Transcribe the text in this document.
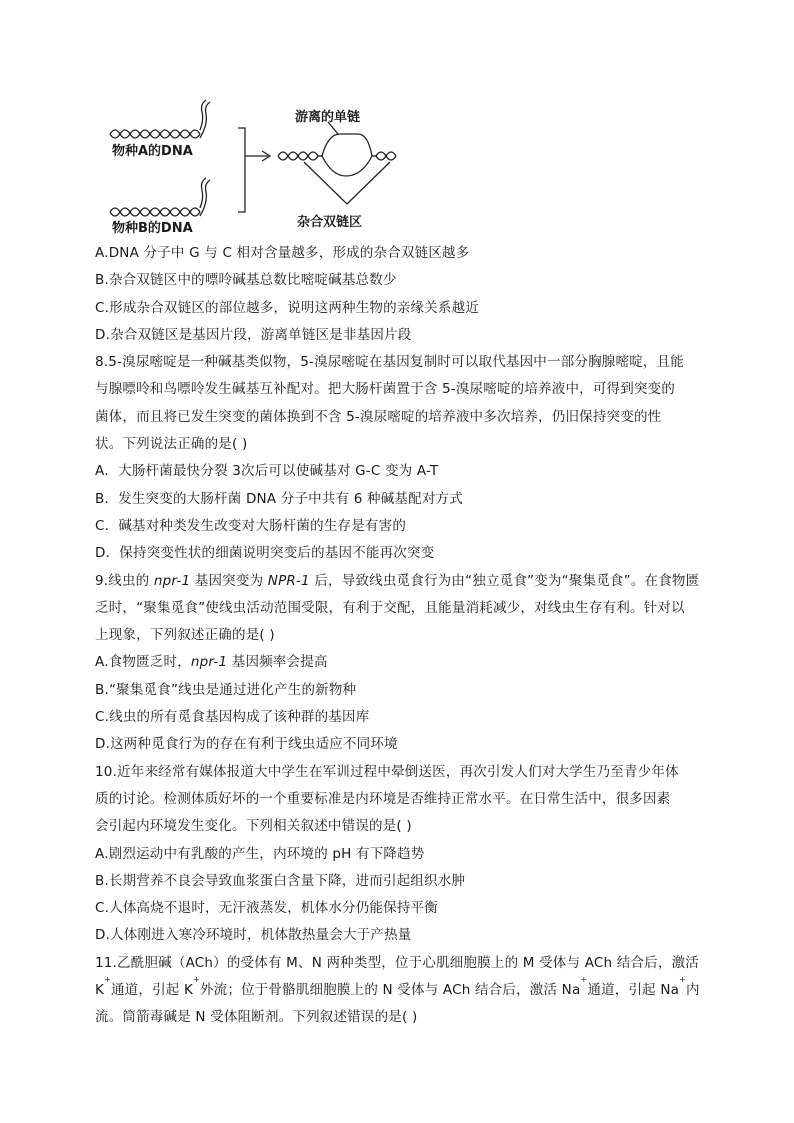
物种A的DNA
物种B的DNA
游离的单链
杂合双链区
A.DNA 分子中 G 与 C 相对含量越多，形成的杂合双链区越多
B.杂合双链区中的嘌呤碱基总数比嘧啶碱基总数少
C.形成杂合双链区的部位越多，说明这两种生物的亲缘关系越近
D.杂合双链区是基因片段，游离单链区是非基因片段
8.5-溴尿嘧啶是一种碱基类似物，5-溴尿嘧啶在基因复制时可以取代基因中一部分胸腺嘧啶，且能
与腺嘌呤和鸟嘌呤发生碱基互补配对。把大肠杆菌置于含 5-溴尿嘧啶的培养液中，可得到突变的
菌体，而且将已发生突变的菌体换到不含 5-溴尿嘧啶的培养液中多次培养，仍旧保持突变的性
状。下列说法正确的是( )
A．大肠杆菌最快分裂 3次后可以使碱基对 G-C 变为 A-T
B．发生突变的大肠杆菌 DNA 分子中共有 6 种碱基配对方式
C．碱基对种类发生改变对大肠杆菌的生存是有害的
D．保持突变性状的细菌说明突变后的基因不能再次突变
9.线虫的 npr-1 基因突变为 NPR-1 后，导致线虫觅食行为由“独立觅食”变为“聚集觅食”。在食物匮
乏时，“聚集觅食”使线虫活动范围受限，有利于交配，且能量消耗减少，对线虫生存有利。针对以
上现象，下列叙述正确的是( )
A.食物匮乏时，npr-1 基因频率会提高
B.“聚集觅食”线虫是通过进化产生的新物种
C.线虫的所有觅食基因构成了该种群的基因库
D.这两种觅食行为的存在有利于线虫适应不同环境
10.近年来经常有媒体报道大中学生在军训过程中晕倒送医，再次引发人们对大学生乃至青少年体
质的讨论。检测体质好坏的一个重要标准是内环境是否维持正常水平。在日常生活中，很多因素
会引起内环境发生变化。下列相关叙述中错误的是( )
A.剧烈运动中有乳酸的产生，内环境的 pH 有下降趋势
B.长期营养不良会导致血浆蛋白含量下降，进而引起组织水肿
C.人体高烧不退时，无汗液蒸发，机体水分仍能保持平衡
D.人体刚进入寒冷环境时，机体散热量会大于产热量
11.乙酰胆碱（ACh）的受体有 M、N 两种类型，位于心肌细胞膜上的 M 受体与 ACh 结合后，激活
K+通道，引起 K+外流；位于骨骼肌细胞膜上的 N 受体与 ACh 结合后，激活 Na+通道，引起 Na+内
流。筒箭毒碱是 N 受体阻断剂。下列叙述错误的是( )
